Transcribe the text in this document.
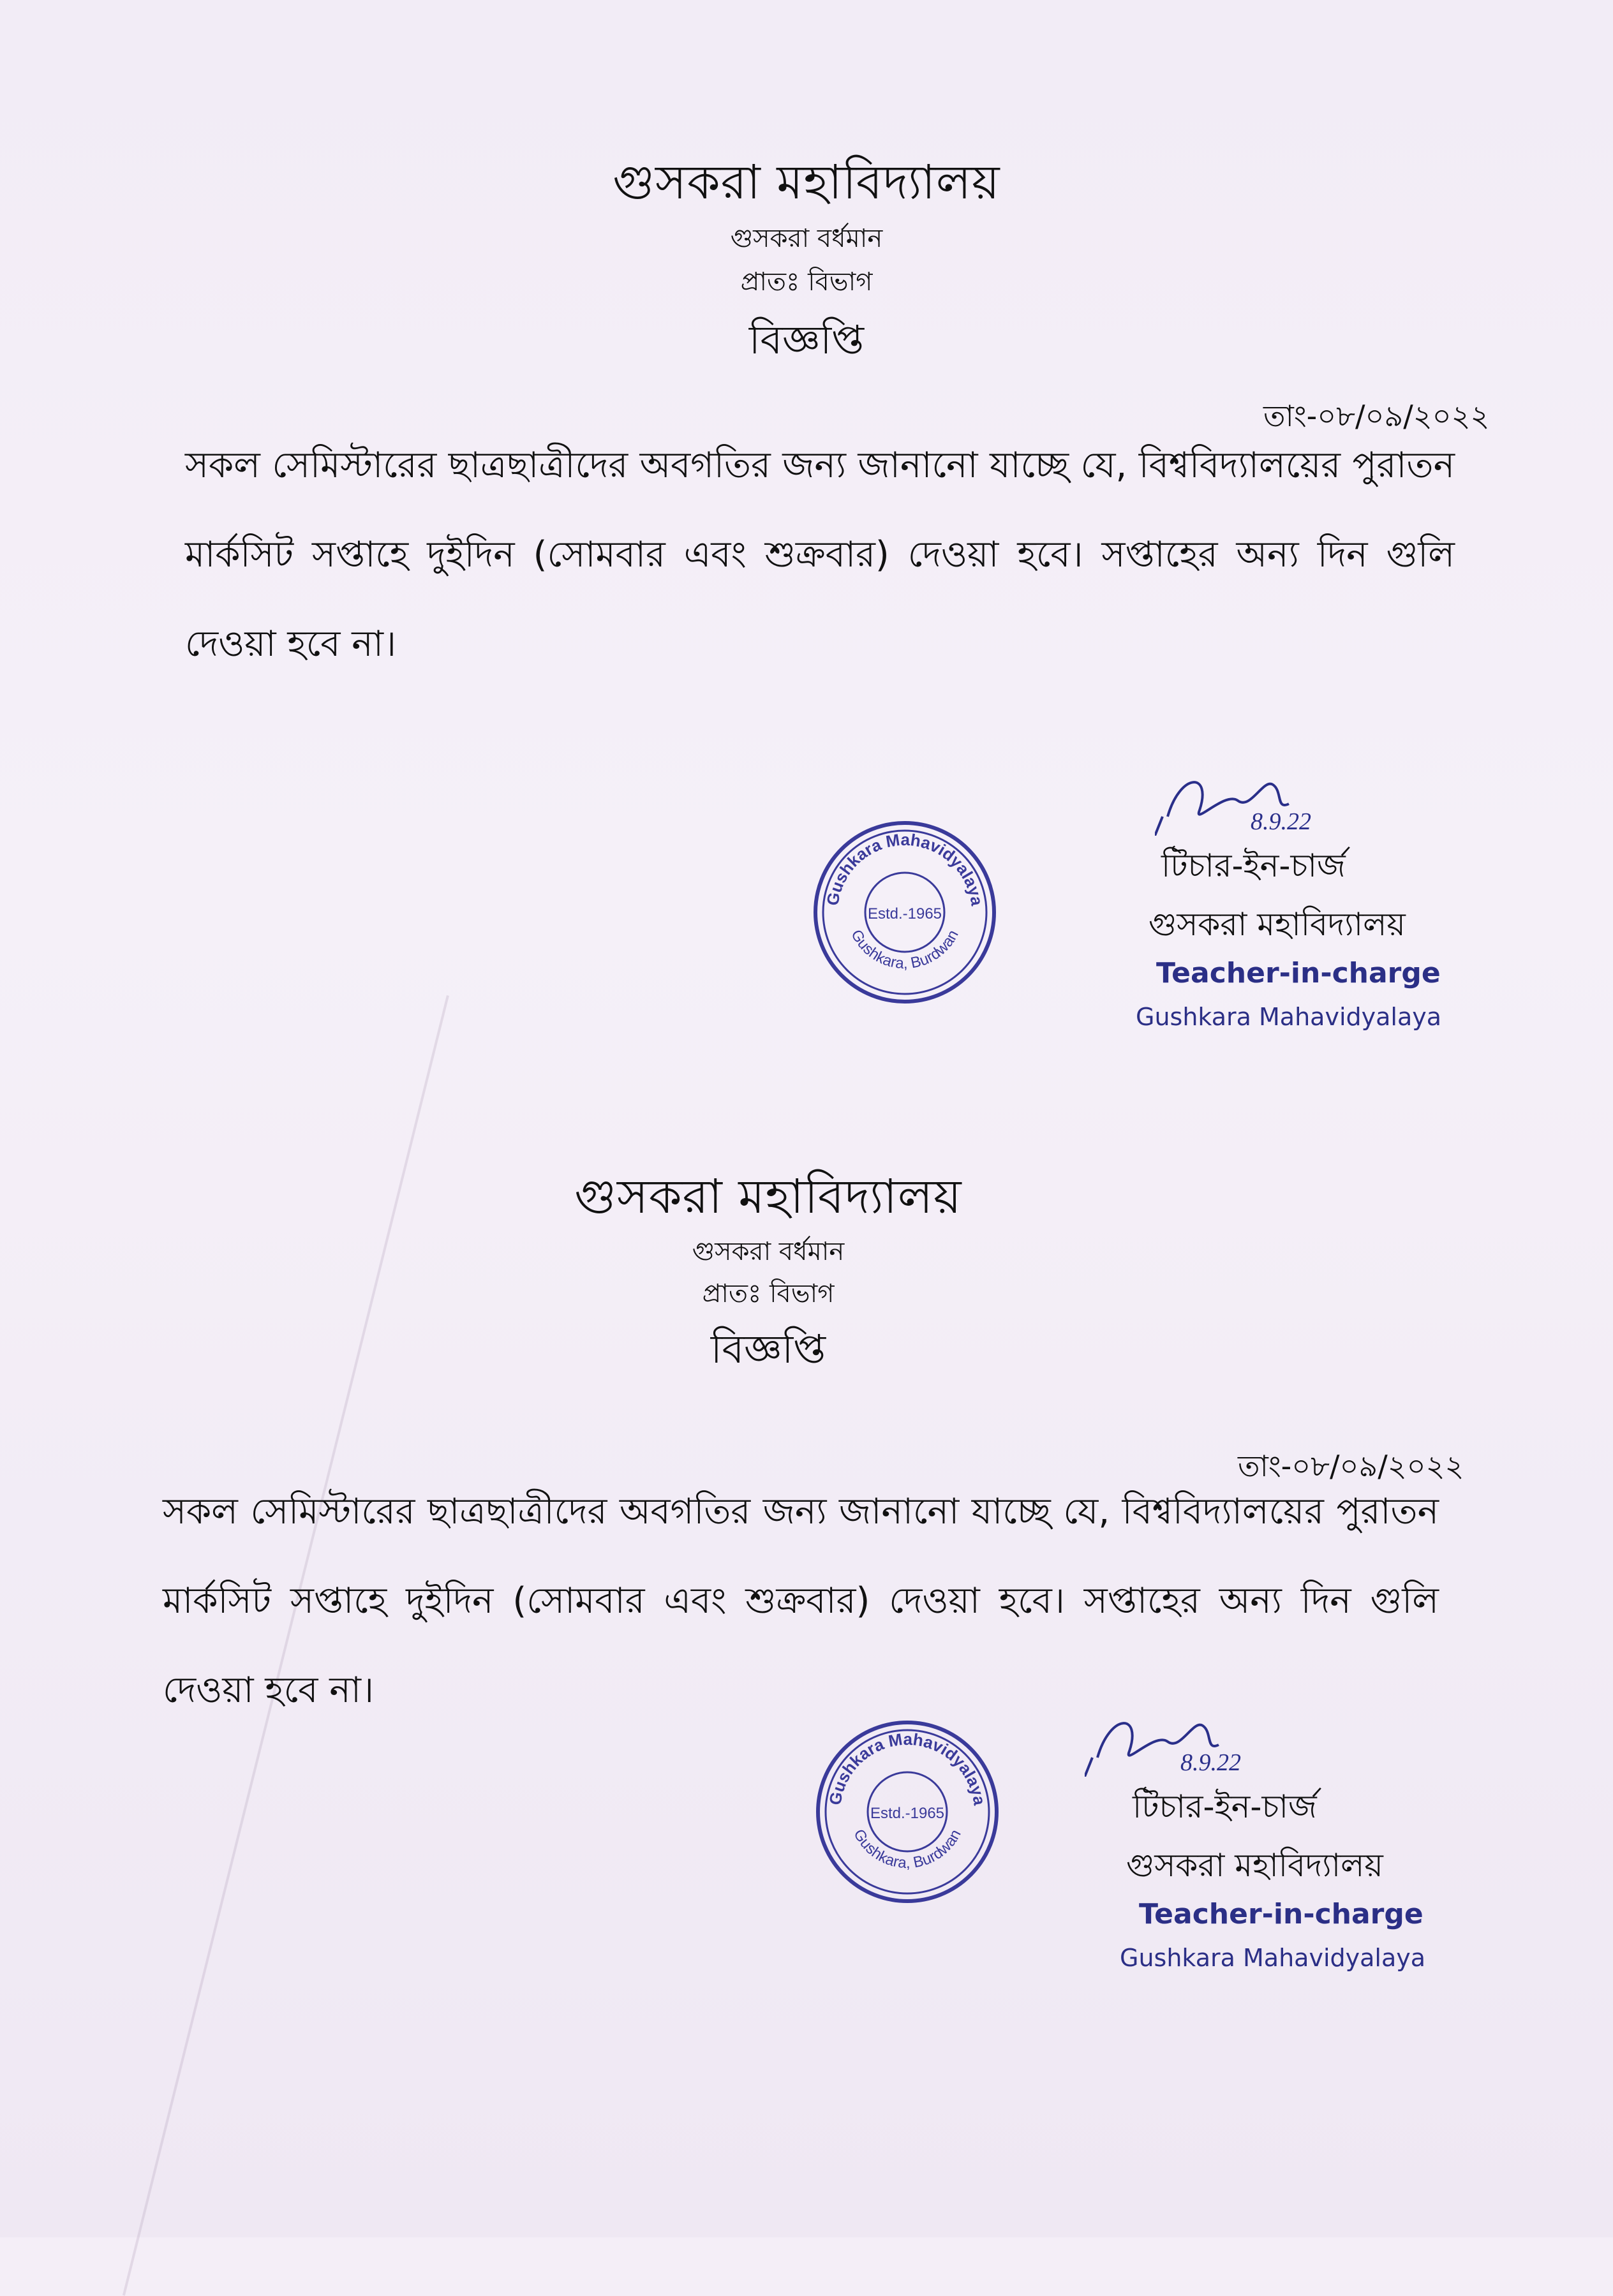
গুসকরা মহাবিদ্যালয়
গুসকরা বর্ধমান
প্রাতঃ বিভাগ
বিজ্ঞপ্তি
তাং-০৮/০৯/২০২২
সকল সেমিস্টারের ছাত্রছাত্রীদের অবগতির জন্য জানানো যাচ্ছে যে, বিশ্ববিদ্যালয়ের পুরাতন মার্কসিট সপ্তাহে দুইদিন (সোমবার এবং শুক্রবার) দেওয়া হবে। সপ্তাহের অন্য দিন গুলি দেওয়া হবে না।
Gushkara Mahavidyalaya
Gushkara, Burdwan
Estd.-1965
8.9.22
টিচার-ইন-চার্জ
গুসকরা মহাবিদ্যালয়
Teacher-in-charge
Gushkara Mahavidyalaya
গুসকরা মহাবিদ্যালয়
গুসকরা বর্ধমান
প্রাতঃ বিভাগ
বিজ্ঞপ্তি
তাং-০৮/০৯/২০২২
সকল সেমিস্টারের ছাত্রছাত্রীদের অবগতির জন্য জানানো যাচ্ছে যে, বিশ্ববিদ্যালয়ের পুরাতন মার্কসিট সপ্তাহে দুইদিন (সোমবার এবং শুক্রবার) দেওয়া হবে। সপ্তাহের অন্য দিন গুলি দেওয়া হবে না।
Gushkara Mahavidyalaya
Gushkara, Burdwan
Estd.-1965
8.9.22
টিচার-ইন-চার্জ
গুসকরা মহাবিদ্যালয়
Teacher-in-charge
Gushkara Mahavidyalaya
